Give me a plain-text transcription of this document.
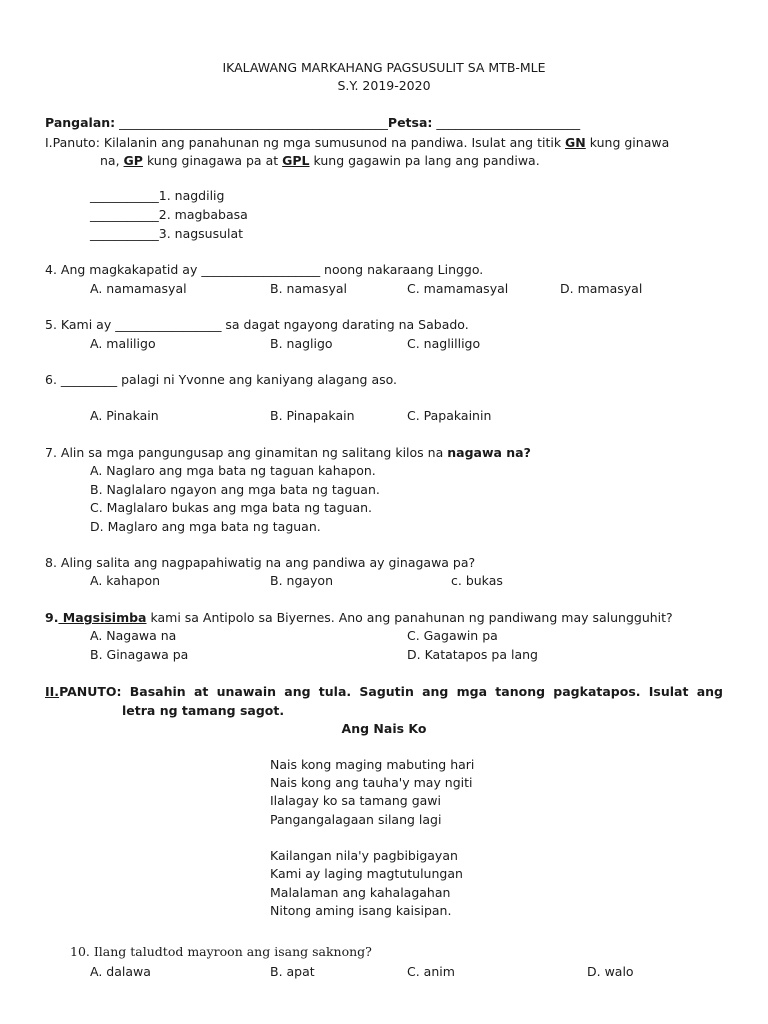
IKALAWANG MARKAHANG PAGSUSULIT SA MTB-MLE
S.Y. 2019-2020
Pangalan: ___________________________________________Petsa: _______________________
I.Panuto: Kilalanin ang panahunan ng mga sumusunod na pandiwa. Isulat ang titik GN kung ginawa
na, GP kung ginagawa pa at GPL kung gagawin pa lang ang pandiwa.
___________1. nagdilig
___________2. magbabasa
___________3. nagsusulat
4. Ang magkakapatid ay ___________________ noong nakaraang Linggo.
A. namamasyal	B. namasyal	C. mamamasyal	D. mamasyal
5. Kami ay _________________ sa dagat ngayong darating na Sabado.
A. maliligo	B. nagligo	C. naglilligo
6. _________ palagi ni Yvonne ang kaniyang alagang aso.
A. Pinakain	B. Pinapakain	C. Papakainin
7. Alin sa mga pangungusap ang ginamitan ng salitang kilos na nagawa na?
A. Naglaro ang mga bata ng taguan kahapon.
B. Naglalaro ngayon ang mga bata ng taguan.
C. Maglalaro bukas ang mga bata ng taguan.
D. Maglaro ang mga bata ng taguan.
8. Aling salita ang nagpapahiwatig na ang pandiwa ay ginagawa pa?
A. kahapon	B. ngayon	c. bukas
9. Magsisimba kami sa Antipolo sa Biyernes. Ano ang panahunan ng pandiwang may salungguhit?
A. Nagawa na	C. Gagawin pa
B. Ginagawa pa	D. Katatapos pa lang
II.PANUTO: Basahin at unawain ang tula. Sagutin ang mga tanong pagkatapos. Isulat ang
letra ng tamang sagot.
Ang Nais Ko
Nais kong maging mabuting hari
Nais kong ang tauha'y may ngiti
Ilalagay ko sa tamang gawi
Pangangalagaan silang lagi
Kailangan nila'y pagbibigayan
Kami ay laging magtutulungan
Malalaman ang kahalagahan
Nitong aming isang kaisipan.
10. Ilang taludtod mayroon ang isang saknong?
A. dalawa	B. apat	C. anim	D. walo
